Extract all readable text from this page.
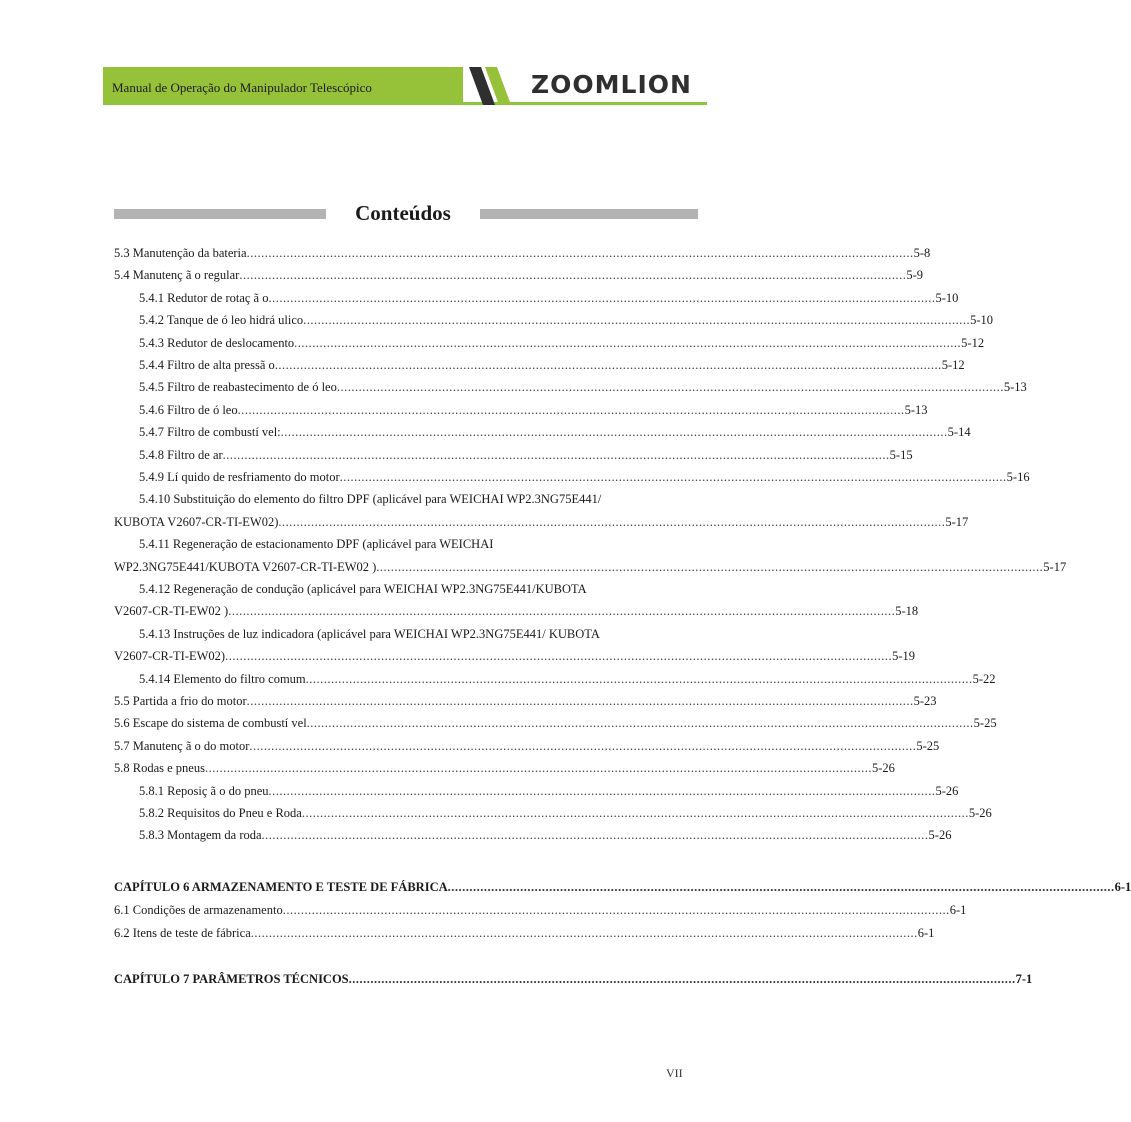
Manual de Operação do Manipulador Telescópico	ZOOMLION
Conteúdos
5.3 Manutenção da bateria ........................................................................................................................................................................................ 5-8
5.4 Manutenç ã o regular ........................................................................................................................................................................................ 5-9
5.4.1 Redutor de rotaç ã o ........................................................................................................................................................................................ 5-10
5.4.2 Tanque de ó leo hidrá ulico ........................................................................................................................................................................................ 5-10
5.4.3 Redutor de deslocamento ........................................................................................................................................................................................ 5-12
5.4.4 Filtro de alta pressã o ........................................................................................................................................................................................ 5-12
5.4.5 Filtro de reabastecimento de ó leo ........................................................................................................................................................................................ 5-13
5.4.6 Filtro de ó leo ........................................................................................................................................................................................ 5-13
5.4.7 Filtro de combustí vel: ........................................................................................................................................................................................ 5-14
5.4.8 Filtro de ar ........................................................................................................................................................................................ 5-15
5.4.9 Lí quido de resfriamento do motor ........................................................................................................................................................................................ 5-16
5.4.10 Substituição do elemento do filtro DPF (aplicável para WEICHAI WP2.3NG75E441/
KUBOTA V2607-CR-TI-EW02) ........................................................................................................................................................................................ 5-17
5.4.11 Regeneração de estacionamento DPF (aplicável para WEICHAI
WP2.3NG75E441/KUBOTA V2607-CR-TI-EW02 ) ........................................................................................................................................................................................ 5-17
5.4.12 Regeneração de condução (aplicável para WEICHAI WP2.3NG75E441/KUBOTA
V2607-CR-TI-EW02 ) ........................................................................................................................................................................................ 5-18
5.4.13 Instruções de luz indicadora (aplicável para WEICHAI WP2.3NG75E441/ KUBOTA
V2607-CR-TI-EW02) ........................................................................................................................................................................................ 5-19
5.4.14 Elemento do filtro comum ........................................................................................................................................................................................ 5-22
5.5 Partida a frio do motor ........................................................................................................................................................................................ 5-23
5.6 Escape do sistema de combustí vel ........................................................................................................................................................................................ 5-25
5.7 Manutenç ã o do motor ........................................................................................................................................................................................ 5-25
5.8 Rodas e pneus ........................................................................................................................................................................................ 5-26
5.8.1 Reposiç ã o do pneu ........................................................................................................................................................................................ 5-26
5.8.2 Requisitos do Pneu e Roda ........................................................................................................................................................................................ 5-26
5.8.3 Montagem da roda ........................................................................................................................................................................................ 5-26
CAPÍTULO 6 ARMAZENAMENTO E TESTE DE FÁBRICA ........................................................................................................................................................................................ 6-1
6.1 Condições de armazenamento ........................................................................................................................................................................................ 6-1
6.2 Itens de teste de fábrica ........................................................................................................................................................................................ 6-1
CAPÍTULO 7 PARÂMETROS TÉCNICOS ........................................................................................................................................................................................ 7-1
VII
